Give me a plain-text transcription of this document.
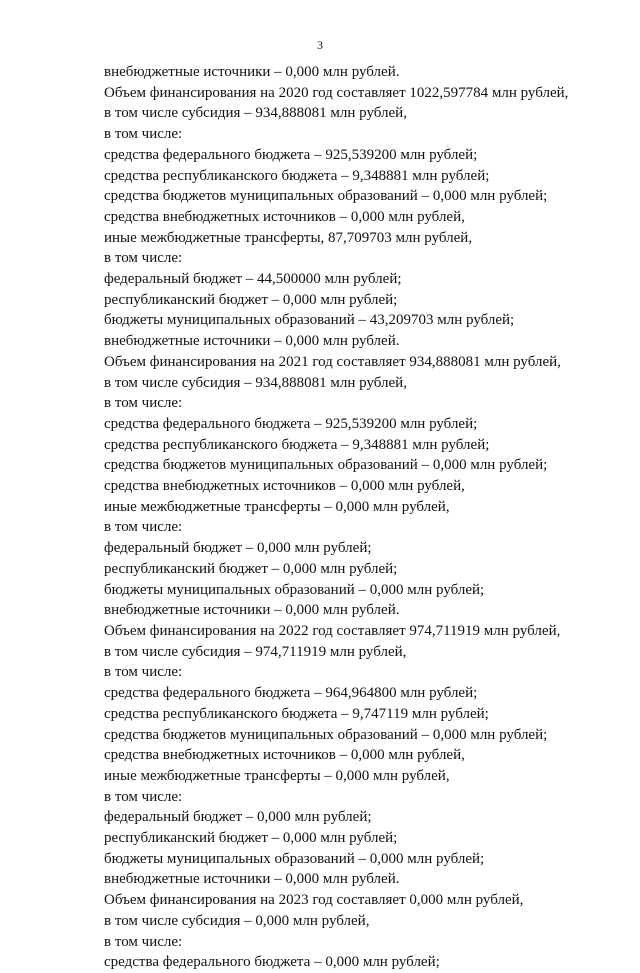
3
внебюджетные источники – 0,000 млн рублей.
Объем финансирования на 2020 год составляет 1022,597784 млн рублей,
в том числе субсидия – 934,888081 млн рублей,
в том числе:
средства федерального бюджета – 925,539200 млн рублей;
средства республиканского бюджета – 9,348881 млн рублей;
средства бюджетов муниципальных образований – 0,000 млн рублей;
средства внебюджетных источников – 0,000 млн рублей,
иные межбюджетные трансферты, 87,709703 млн рублей,
в том числе:
федеральный бюджет – 44,500000 млн рублей;
республиканский бюджет – 0,000 млн рублей;
бюджеты муниципальных образований – 43,209703 млн рублей;
внебюджетные источники – 0,000 млн рублей.
Объем финансирования на 2021 год составляет 934,888081 млн рублей,
в том числе субсидия – 934,888081 млн рублей,
в том числе:
средства федерального бюджета – 925,539200 млн рублей;
средства республиканского бюджета – 9,348881 млн рублей;
средства бюджетов муниципальных образований – 0,000 млн рублей;
средства внебюджетных источников – 0,000 млн рублей,
иные межбюджетные трансферты – 0,000 млн рублей,
в том числе:
федеральный бюджет – 0,000 млн рублей;
республиканский бюджет – 0,000 млн рублей;
бюджеты муниципальных образований – 0,000 млн рублей;
внебюджетные источники – 0,000 млн рублей.
Объем финансирования на 2022 год составляет 974,711919 млн рублей,
в том числе субсидия – 974,711919 млн рублей,
в том числе:
средства федерального бюджета – 964,964800 млн рублей;
средства республиканского бюджета – 9,747119 млн рублей;
средства бюджетов муниципальных образований – 0,000 млн рублей;
средства внебюджетных источников – 0,000 млн рублей,
иные межбюджетные трансферты – 0,000 млн рублей,
в том числе:
федеральный бюджет – 0,000 млн рублей;
республиканский бюджет – 0,000 млн рублей;
бюджеты муниципальных образований – 0,000 млн рублей;
внебюджетные источники – 0,000 млн рублей.
Объем финансирования на 2023 год составляет 0,000 млн рублей,
в том числе субсидия – 0,000 млн рублей,
в том числе:
средства федерального бюджета – 0,000 млн рублей;
